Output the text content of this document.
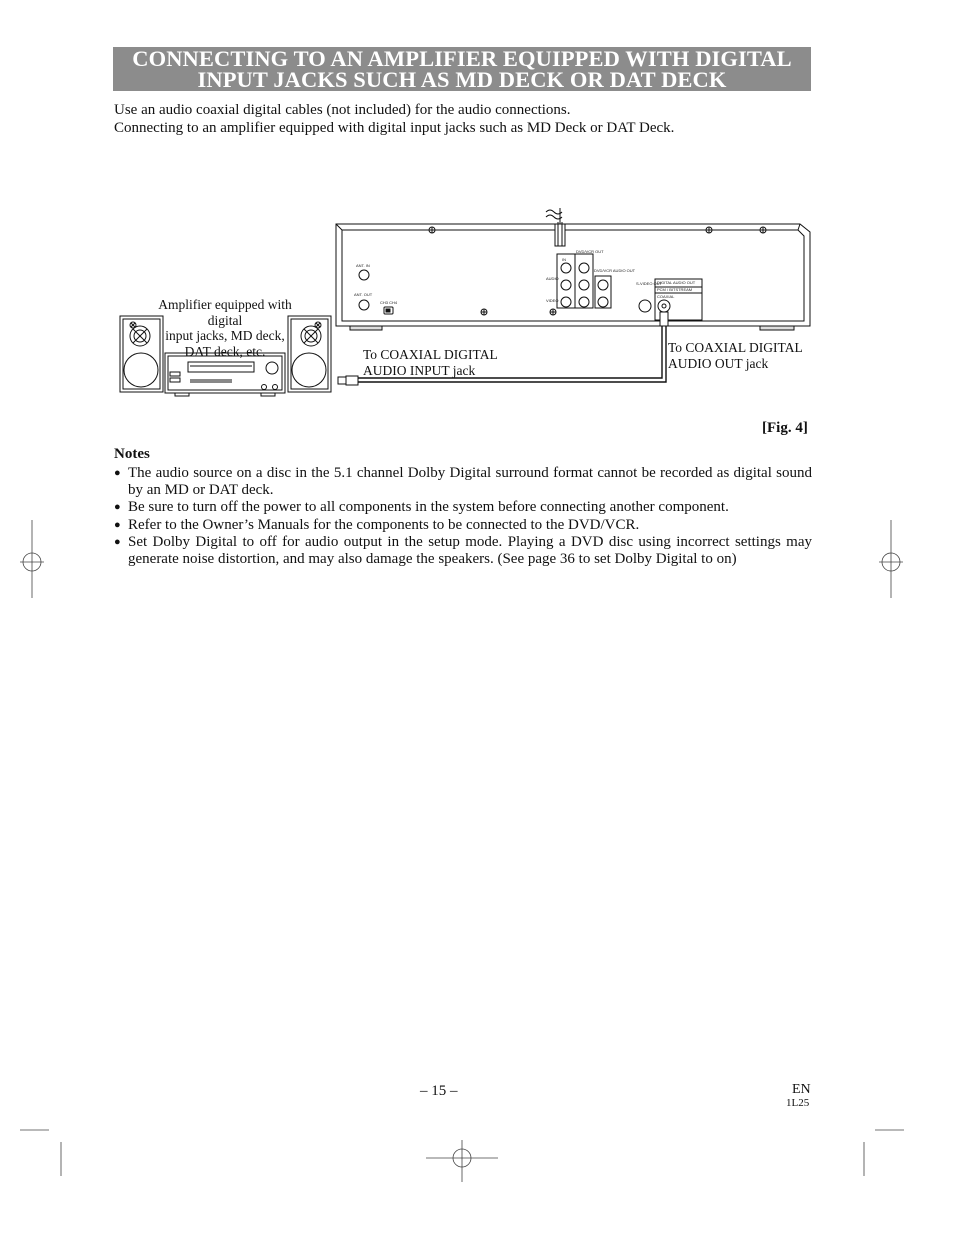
CONNECTING TO AN AMPLIFIER EQUIPPED WITH DIGITAL
INPUT JACKS SUCH AS MD DECK OR DAT DECK
Use an audio coaxial digital cables (not included) for the audio connections.
Connecting to an amplifier equipped with digital input jacks such as MD Deck or DAT Deck.
ANT. IN
ANT. OUT
CH3 CH4
IN
DVD/VCR OUT
AUDIO
VIDEO
DVD/VCR AUDIO OUT
S-VIDEO OUT
DIGITAL AUDIO OUT
PCM / BITSTREAM
COAXIAL
Amplifier equipped with digital
input jacks, MD deck,
DAT deck, etc.	To COAXIAL DIGITAL
AUDIO INPUT jack
To COAXIAL DIGITAL
AUDIO OUT jack
[Fig. 4]
Notes
● The audio source on a disc in the 5.1 channel Dolby Digital surround format cannot be recorded as digital sound by an MD or DAT deck.
● Be sure to turn off the power to all components in the system before connecting another component.
● Refer to the Owner’s Manuals for the components to be connected to the DVD/VCR.
● Set Dolby Digital to off for audio output in the setup mode. Playing a DVD disc using incorrect settings may generate noise distortion, and may also damage the speakers. (See page 36 to set Dolby Digital to on)
– 15 –	EN
1L25
